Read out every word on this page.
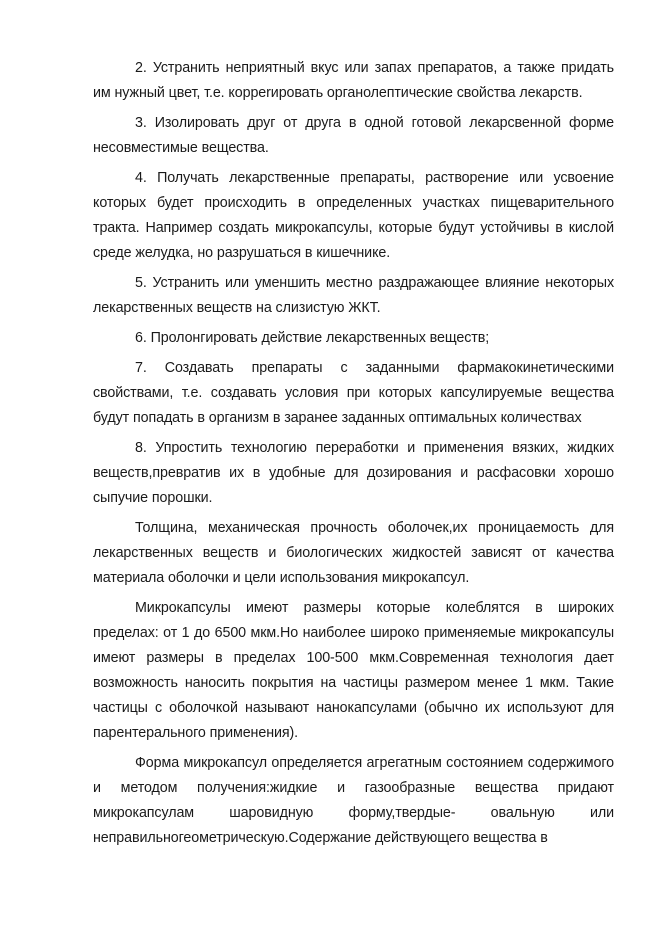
2. Устранить неприятный вкус или запах препаратов, а также придать им нужный цвет, т.е. корреrировать органолептические свойства лекарств.

3. Изолировать друг от друга в одной готовой лекарсвенной форме несовместимые вещества.

4. Получать лекарственные препараты, растворение или усвоение которых будет происходить в определенных участках пищеварительного тракта. Например создать микрокапсулы, которые будут устойчивы в кислой среде желудка, но разрушаться в кишечнике.

5. Устранить или уменшить местно раздражающее влияние некоторых лекарственных веществ на слизистую ЖКТ.

6. Пролонгировать действие лекарственных веществ;

7. Создавать препараты с заданными фармакокинетическими свойствами, т.е. создавать условия при которых капсулируемые вещества будут попадать в организм в заранее заданных оптимальных количествах

8. Упростить технологию переработки и применения вязких, жидких веществ,превратив их в удобные для дозирования и расфасовки хорошо сыпучие порошки.

Толщина, механическая прочность оболочек,их проницаемость для лекарственных веществ и биологических жидкостей зависят от качества материала оболочки и цели использования микрокапсул.

Микрокапсулы имеют размеры которые колеблятся в широких пределах: от 1 до 6500 мкм.Но наиболее широко применяемые микрокапсулы имеют размеры в пределах 100-500 мкм.Современная технология дает возможность наносить покрытия на частицы размером менее 1 мкм. Такие частицы с оболочкой называют нанокапсулами (обычно их используют для парентерального применения).

Форма микрокапсул определяется агрегатным состоянием содержимого и методом получения:жидкие и газообразные вещества придают микрокапсулам шаровидную форму,твердые- овальную или неправильнoгеометрическую.Содержание действующего вещества в
